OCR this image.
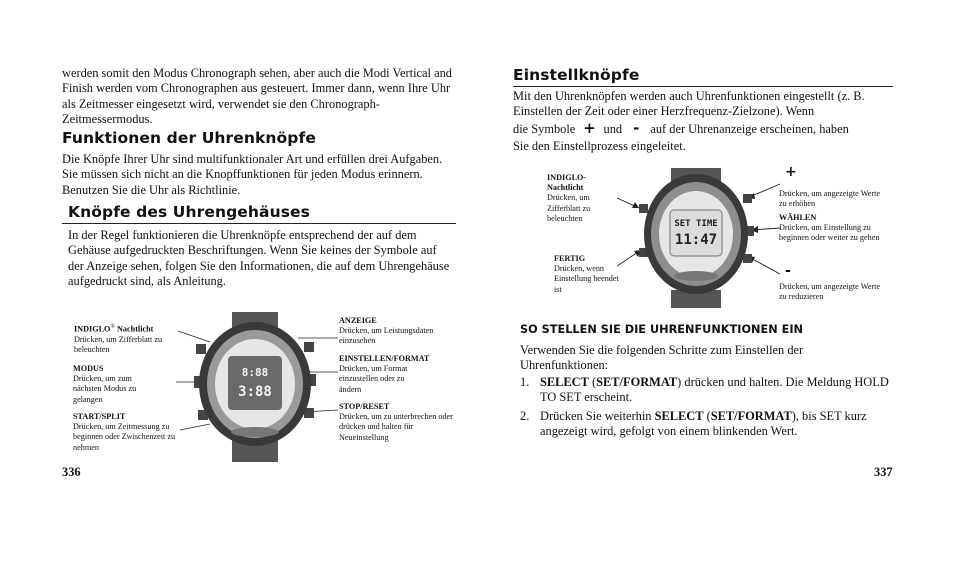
werden somit den Modus Chronograph sehen, aber auch die Modi Vertical and Finish werden vom Chronographen aus gesteuert. Immer dann, wenn Ihre Uhr als Zeitmesser eingesetzt wird, verwendet sie den Chronograph-Zeitmessermodus.

Funktionen der Uhrenknöpfe

Die Knöpfe Ihrer Uhr sind multifunktionaler Art und erfüllen drei Aufgaben. Sie müssen sich nicht an die Knopffunktionen für jeden Modus erinnern. Benutzen Sie die Uhr als Richtlinie.

Knöpfe des Uhrengehäuses

In der Regel funktionieren die Uhrenknöpfe entsprechend der auf dem Gehäuse aufgedruckten Beschriftungen. Wenn Sie keines der Symbole auf der Anzeige sehen, folgen Sie den Informationen, die auf dem Uhrengehäuse aufgedruckt sind, als Anleitung.

INDIGLO® Nachtlicht
Drücken, um Zifferblatt zu beleuchten
MODUS
Drücken, um zum nächsten Modus zu gelangen
START/SPLIT
Drücken, um Zeitmessung zu beginnen oder Zwischenzeit zu nehmen
ANZEIGE
Drücken, um Leistungsdaten einzusehen
EINSTELLEN/FORMAT
Drücken, um Format einzustellen oder zu ändern
STOP/RESET
Drücken, um zu unterbrechen oder drücken und halten für Neueinstellung
8:88
3:88
336
Einstellknöpfe

Mit den Uhrenknöpfen werden auch Uhrenfunktionen eingestellt (z. B. Einstellen der Zeit oder einer Herzfrequenz-Zielzone). Wenn

die Symbole + und - auf der Uhrenanzeige erscheinen, haben

Sie den Einstellprozess eingeleitet.

INDIGLO-Nachtlicht
Drücken, um Zifferblatt zu beleuchten
FERTIG
Drücken, wenn Einstellung beendet ist
+
Drücken, um angezeigte Werte zu erhöhen
WÄHLEN
Drücken, um Einstellung zu beginnen oder weiter zu gehen
-
Drücken, um angezeigte Werte zu reduzieren
SET TIME
11:47
SO STELLEN SIE DIE UHRENFUNKTIONEN EIN

Verwenden Sie die folgenden Schritte zum Einstellen der Uhrenfunktionen:

1. SELECT (SET/FORMAT) drücken und halten. Die Meldung HOLD TO SET erscheint.
2. Drücken Sie weiterhin SELECT (SET/FORMAT), bis SET kurz angezeigt wird, gefolgt von einem blinkenden Wert.
337
